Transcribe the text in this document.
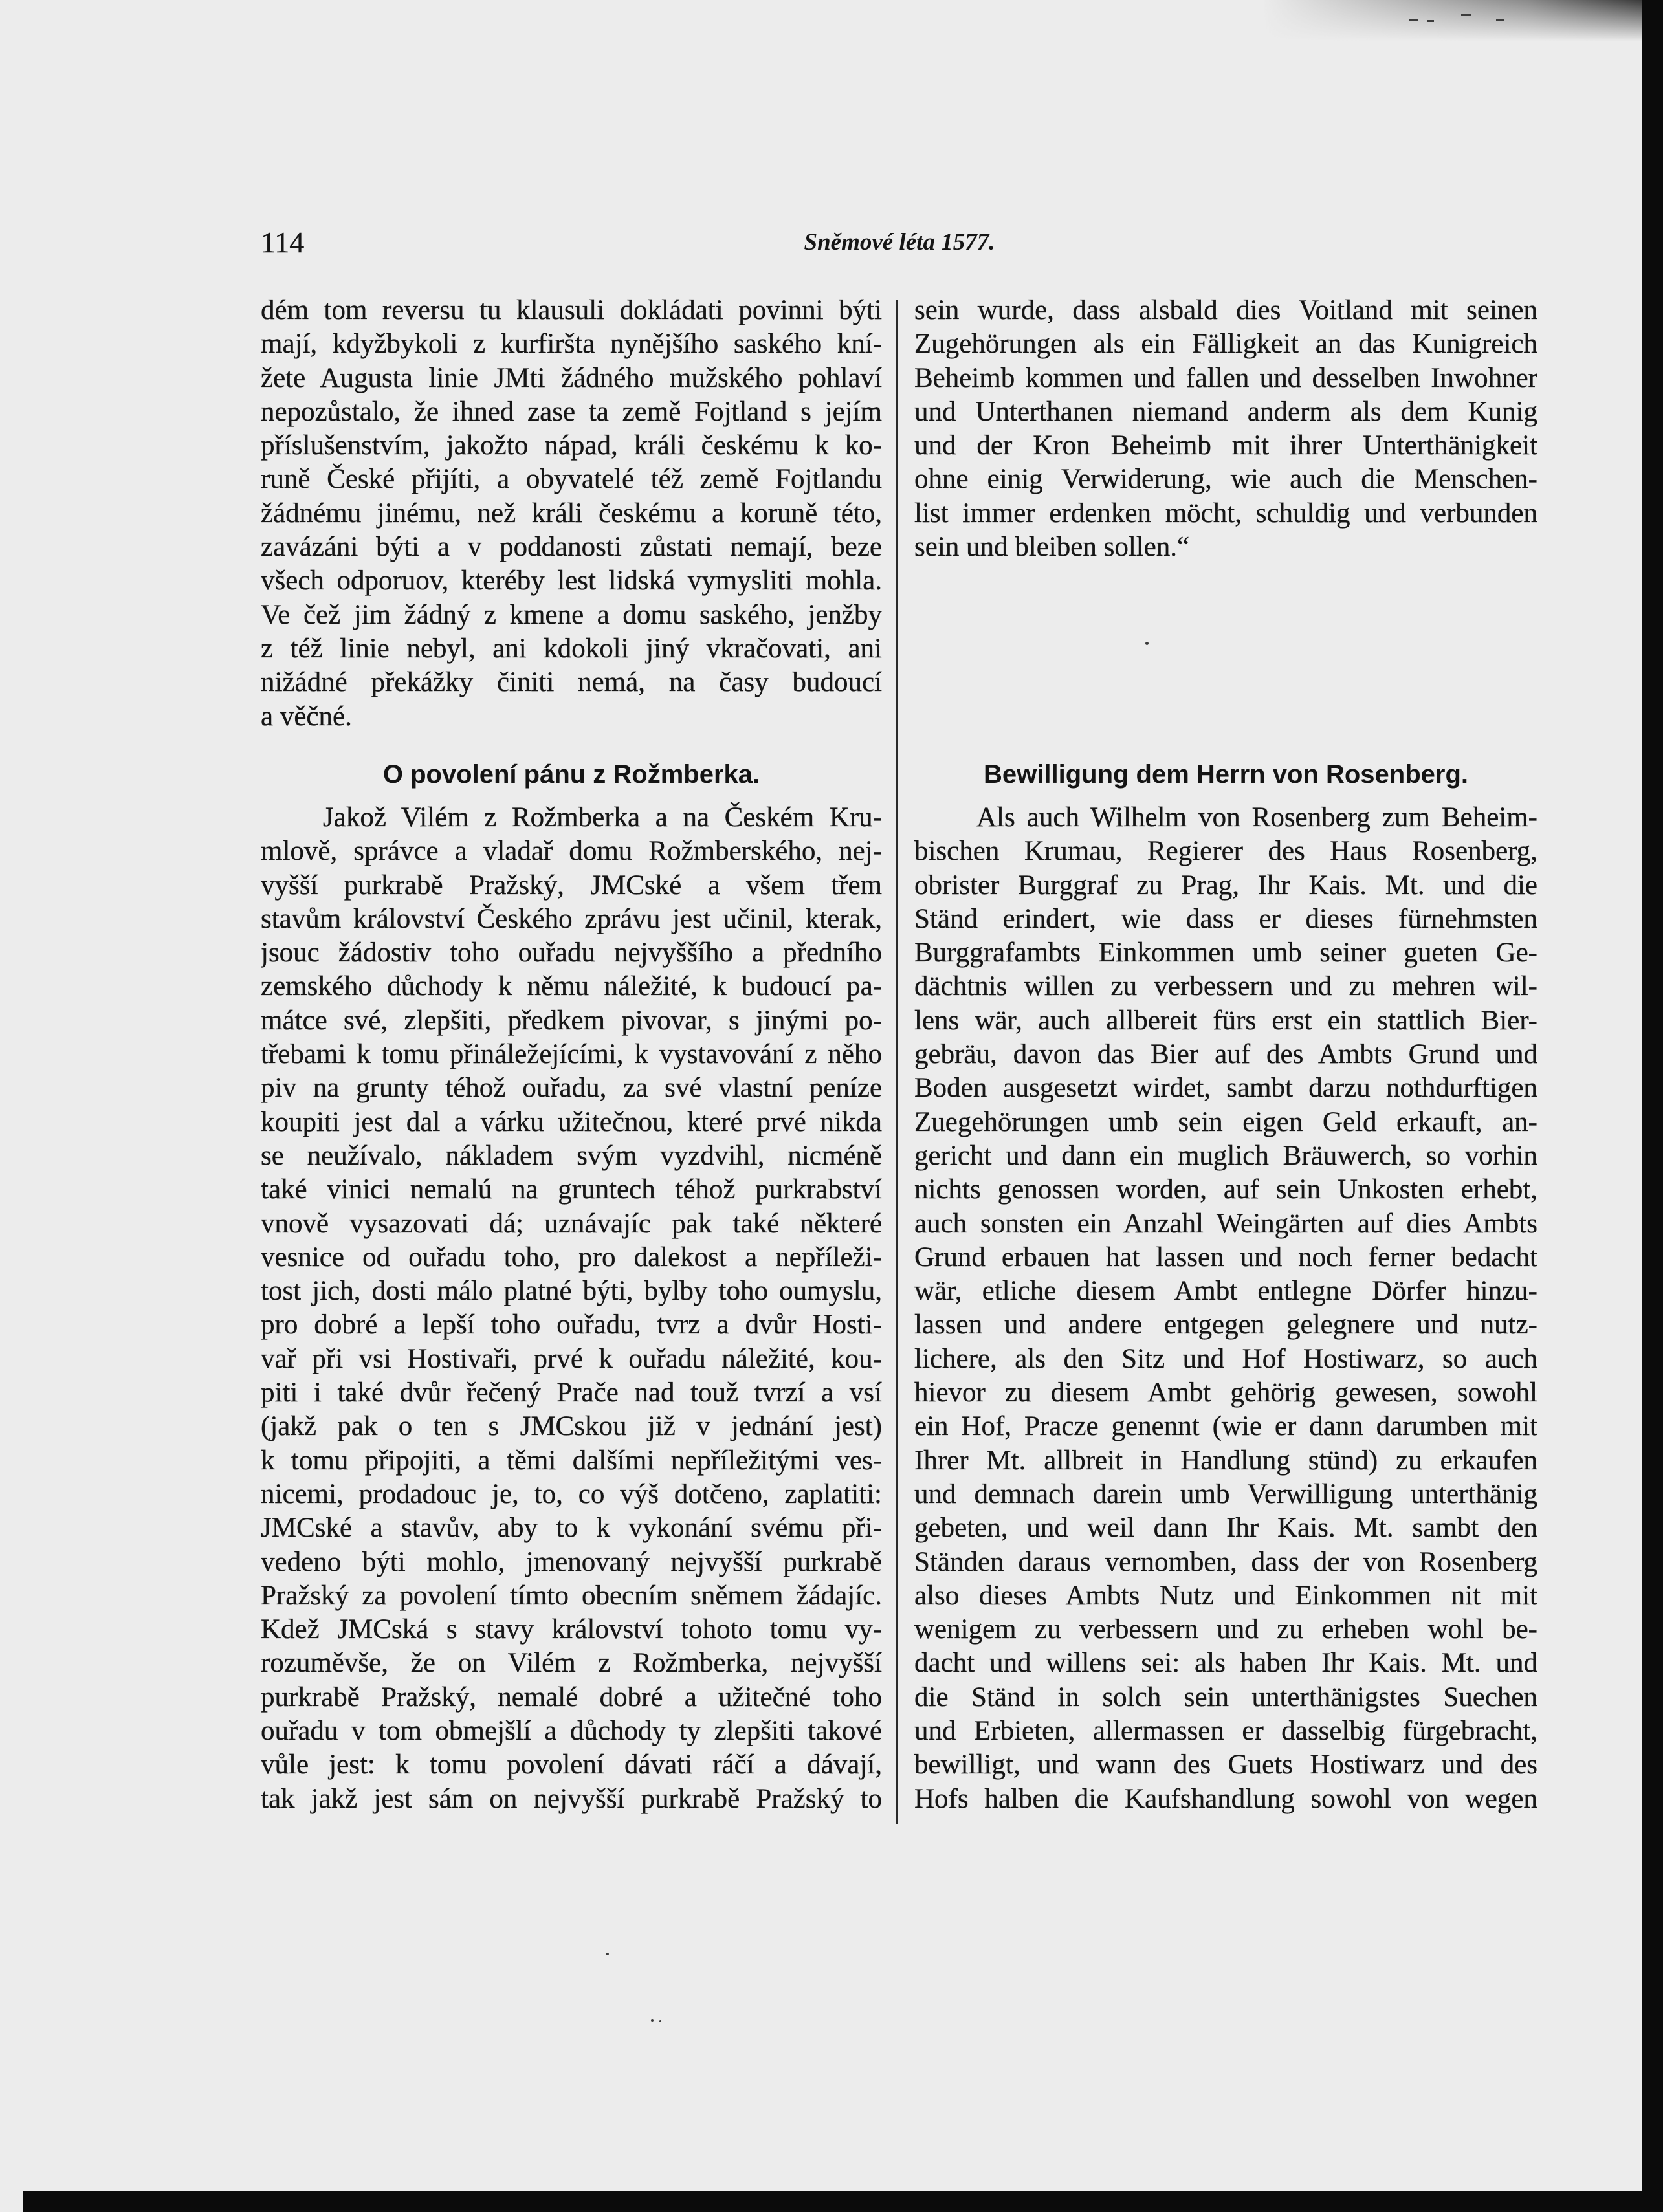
114	Sněmové léta 1577.
dém tom reversu tu klausuli dokládati povinni býti
mají, kdyžbykoli z kurfiršta nynějšího saského kní-
žete Augusta linie JMti žádného mužského pohlaví
nepozůstalo, že ihned zase ta země Fojtland s jejím
příslušenstvím, jakožto nápad, králi českému k ko-
runě České přijíti, a obyvatelé též země Fojtlandu
žádnému jinému, než králi českému a koruně této,
zavázáni býti a v poddanosti zůstati nemají, beze
všech odporuov, kteréby lest lidská vymysliti mohla.
Ve čež jim žádný z kmene a domu saského, jenžby
z též linie nebyl, ani kdokoli jiný vkračovati, ani
nižádné překážky činiti nemá, na časy budoucí
a věčné.
O povolení pánu z Rožmberka.
Jakož Vilém z Rožmberka a na Českém Kru-
mlově, správce a vladař domu Rožmberského, nej-
vyšší purkrabě Pražský, JMCské a všem třem
stavům království Českého zprávu jest učinil, kterak,
jsouc žádostiv toho ouřadu nejvyššího a předního
zemského důchody k němu náležité, k budoucí pa-
mátce své, zlepšiti, předkem pivovar, s jinými po-
třebami k tomu přináležejícími, k vystavování z něho
piv na grunty téhož ouřadu, za své vlastní peníze
koupiti jest dal a várku užitečnou, které prvé nikda
se neužívalo, nákladem svým vyzdvihl, nicméně
také vinici nemalú na gruntech téhož purkrabství
vnově vysazovati dá; uznávajíc pak také některé
vesnice od ouřadu toho, pro dalekost a nepříleži-
tost jich, dosti málo platné býti, bylby toho oumyslu,
pro dobré a lepší toho ouřadu, tvrz a dvůr Hosti-
vař při vsi Hostivaři, prvé k ouřadu náležité, kou-
piti i také dvůr řečený Prače nad touž tvrzí a vsí
(jakž pak o ten s JMCskou již v jednání jest)
k tomu připojiti, a těmi dalšími nepříležitými ves-
nicemi, prodadouc je, to, co výš dotčeno, zaplatiti:
JMCské a stavův, aby to k vykonání svému při-
vedeno býti mohlo, jmenovaný nejvyšší purkrabě
Pražský za povolení tímto obecním sněmem žádajíc.
Kdež JMCská s stavy království tohoto tomu vy-
rozuměvše, že on Vilém z Rožmberka, nejvyšší
purkrabě Pražský, nemalé dobré a užitečné toho
ouřadu v tom obmejšlí a důchody ty zlepšiti takové
vůle jest: k tomu povolení dávati ráčí a dávají,
tak jakž jest sám on nejvyšší purkrabě Pražský to
sein wurde, dass alsbald dies Voitland mit seinen
Zugehörungen als ein Fälligkeit an das Kunigreich
Beheimb kommen und fallen und desselben Inwohner
und Unterthanen niemand anderm als dem Kunig
und der Kron Beheimb mit ihrer Unterthänigkeit
ohne einig Verwiderung, wie auch die Menschen-
list immer erdenken möcht, schuldig und verbunden
sein und bleiben sollen.“
Bewilligung dem Herrn von Rosenberg.
Als auch Wilhelm von Rosenberg zum Beheim-
bischen Krumau, Regierer des Haus Rosenberg,
obrister Burggraf zu Prag, Ihr Kais. Mt. und die
Ständ erindert, wie dass er dieses fürnehmsten
Burggrafambts Einkommen umb seiner gueten Ge-
dächtnis willen zu verbessern und zu mehren wil-
lens wär, auch allbereit fürs erst ein stattlich Bier-
gebräu, davon das Bier auf des Ambts Grund und
Boden ausgesetzt wirdet, sambt darzu nothdurftigen
Zuegehörungen umb sein eigen Geld erkauft, an-
gericht und dann ein muglich Bräuwerch, so vorhin
nichts genossen worden, auf sein Unkosten erhebt,
auch sonsten ein Anzahl Weingärten auf dies Ambts
Grund erbauen hat lassen und noch ferner bedacht
wär, etliche diesem Ambt entlegne Dörfer hinzu-
lassen und andere entgegen gelegnere und nutz-
lichere, als den Sitz und Hof Hostiwarz, so auch
hievor zu diesem Ambt gehörig gewesen, sowohl
ein Hof, Pracze genennt (wie er dann darumben mit
Ihrer Mt. allbreit in Handlung stünd) zu erkaufen
und demnach darein umb Verwilligung unterthänig
gebeten, und weil dann Ihr Kais. Mt. sambt den
Ständen daraus vernomben, dass der von Rosenberg
also dieses Ambts Nutz und Einkommen nit mit
wenigem zu verbessern und zu erheben wohl be-
dacht und willens sei: als haben Ihr Kais. Mt. und
die Ständ in solch sein unterthänigstes Suechen
und Erbieten, allermassen er dasselbig fürgebracht,
bewilligt, und wann des Guets Hostiwarz und des
Hofs halben die Kaufshandlung sowohl von wegen
